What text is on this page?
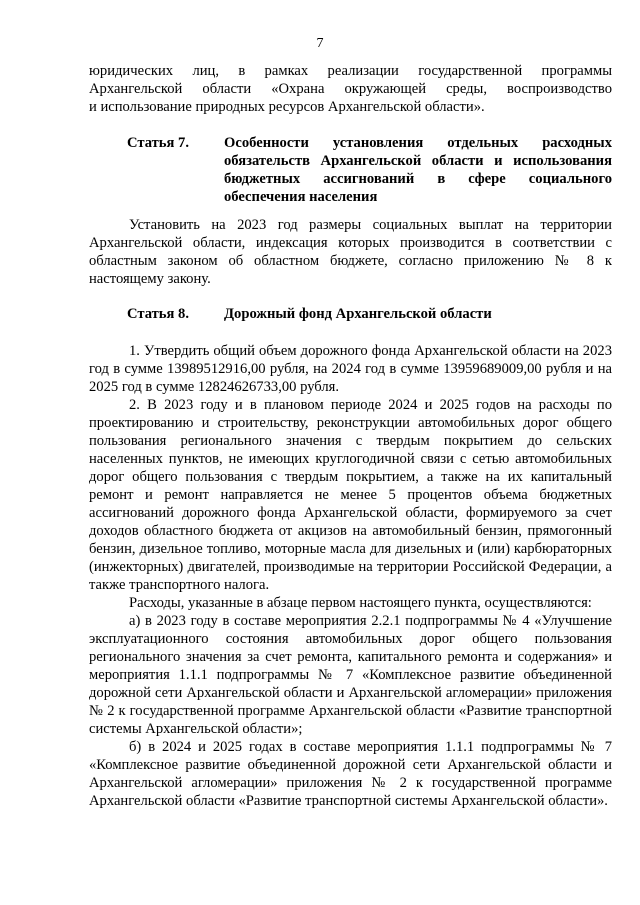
7

юридических лиц, в рамках реализации государственной программы

Архангельской области «Охрана окружающей среды, воспроизводство

и использование природных ресурсов Архангельской области».

Статья 7.	Особенности установления отдельных расходных обязательств Архангельской области и использования бюджетных ассигнований в сфере социального обеспечения населения

Установить на 2023 год размеры социальных выплат на территории Архангельской области, индексация которых производится в соответствии с областным законом об областном бюджете, согласно приложению № 8 к настоящему закону.

Статья 8.	Дорожный фонд Архангельской области

1. Утвердить общий объем дорожного фонда Архангельской области на 2023 год в сумме 13989512916,00 рубля, на 2024 год в сумме 13959689009,00 рубля и на 2025 год в сумме 12824626733,00 рубля.

2. В 2023 году и в плановом периоде 2024 и 2025 годов на расходы по проектированию и строительству, реконструкции автомобильных дорог общего пользования регионального значения с твердым покрытием до сельских населенных пунктов, не имеющих круглогодичной связи с сетью автомобильных дорог общего пользования с твердым покрытием, а также на их капитальный ремонт и ремонт направляется не менее 5 процентов объема бюджетных ассигнований дорожного фонда Архангельской области, формируемого за счет доходов областного бюджета от акцизов на автомобильный бензин, прямогонный бензин, дизельное топливо, моторные масла для дизельных и (или) карбюраторных (инжекторных) двигателей, производимые на территории Российской Федерации, а также транспортного налога.

Расходы, указанные в абзаце первом настоящего пункта, осуществляются:

а) в 2023 году в составе мероприятия 2.2.1 подпрограммы № 4 «Улучшение эксплуатационного состояния автомобильных дорог общего пользования регионального значения за счет ремонта, капитального ремонта и содержания» и мероприятия 1.1.1 подпрограммы № 7 «Комплексное развитие объединенной дорожной сети Архангельской области и Архангельской агломерации» приложения № 2 к государственной программе Архангельской области «Развитие транспортной системы Архангельской области»;

б) в 2024 и 2025 годах в составе мероприятия 1.1.1 подпрограммы № 7 «Комплексное развитие объединенной дорожной сети Архангельской области и Архангельской агломерации» приложения № 2 к государственной программе Архангельской области «Развитие транспортной системы Архангельской области».
